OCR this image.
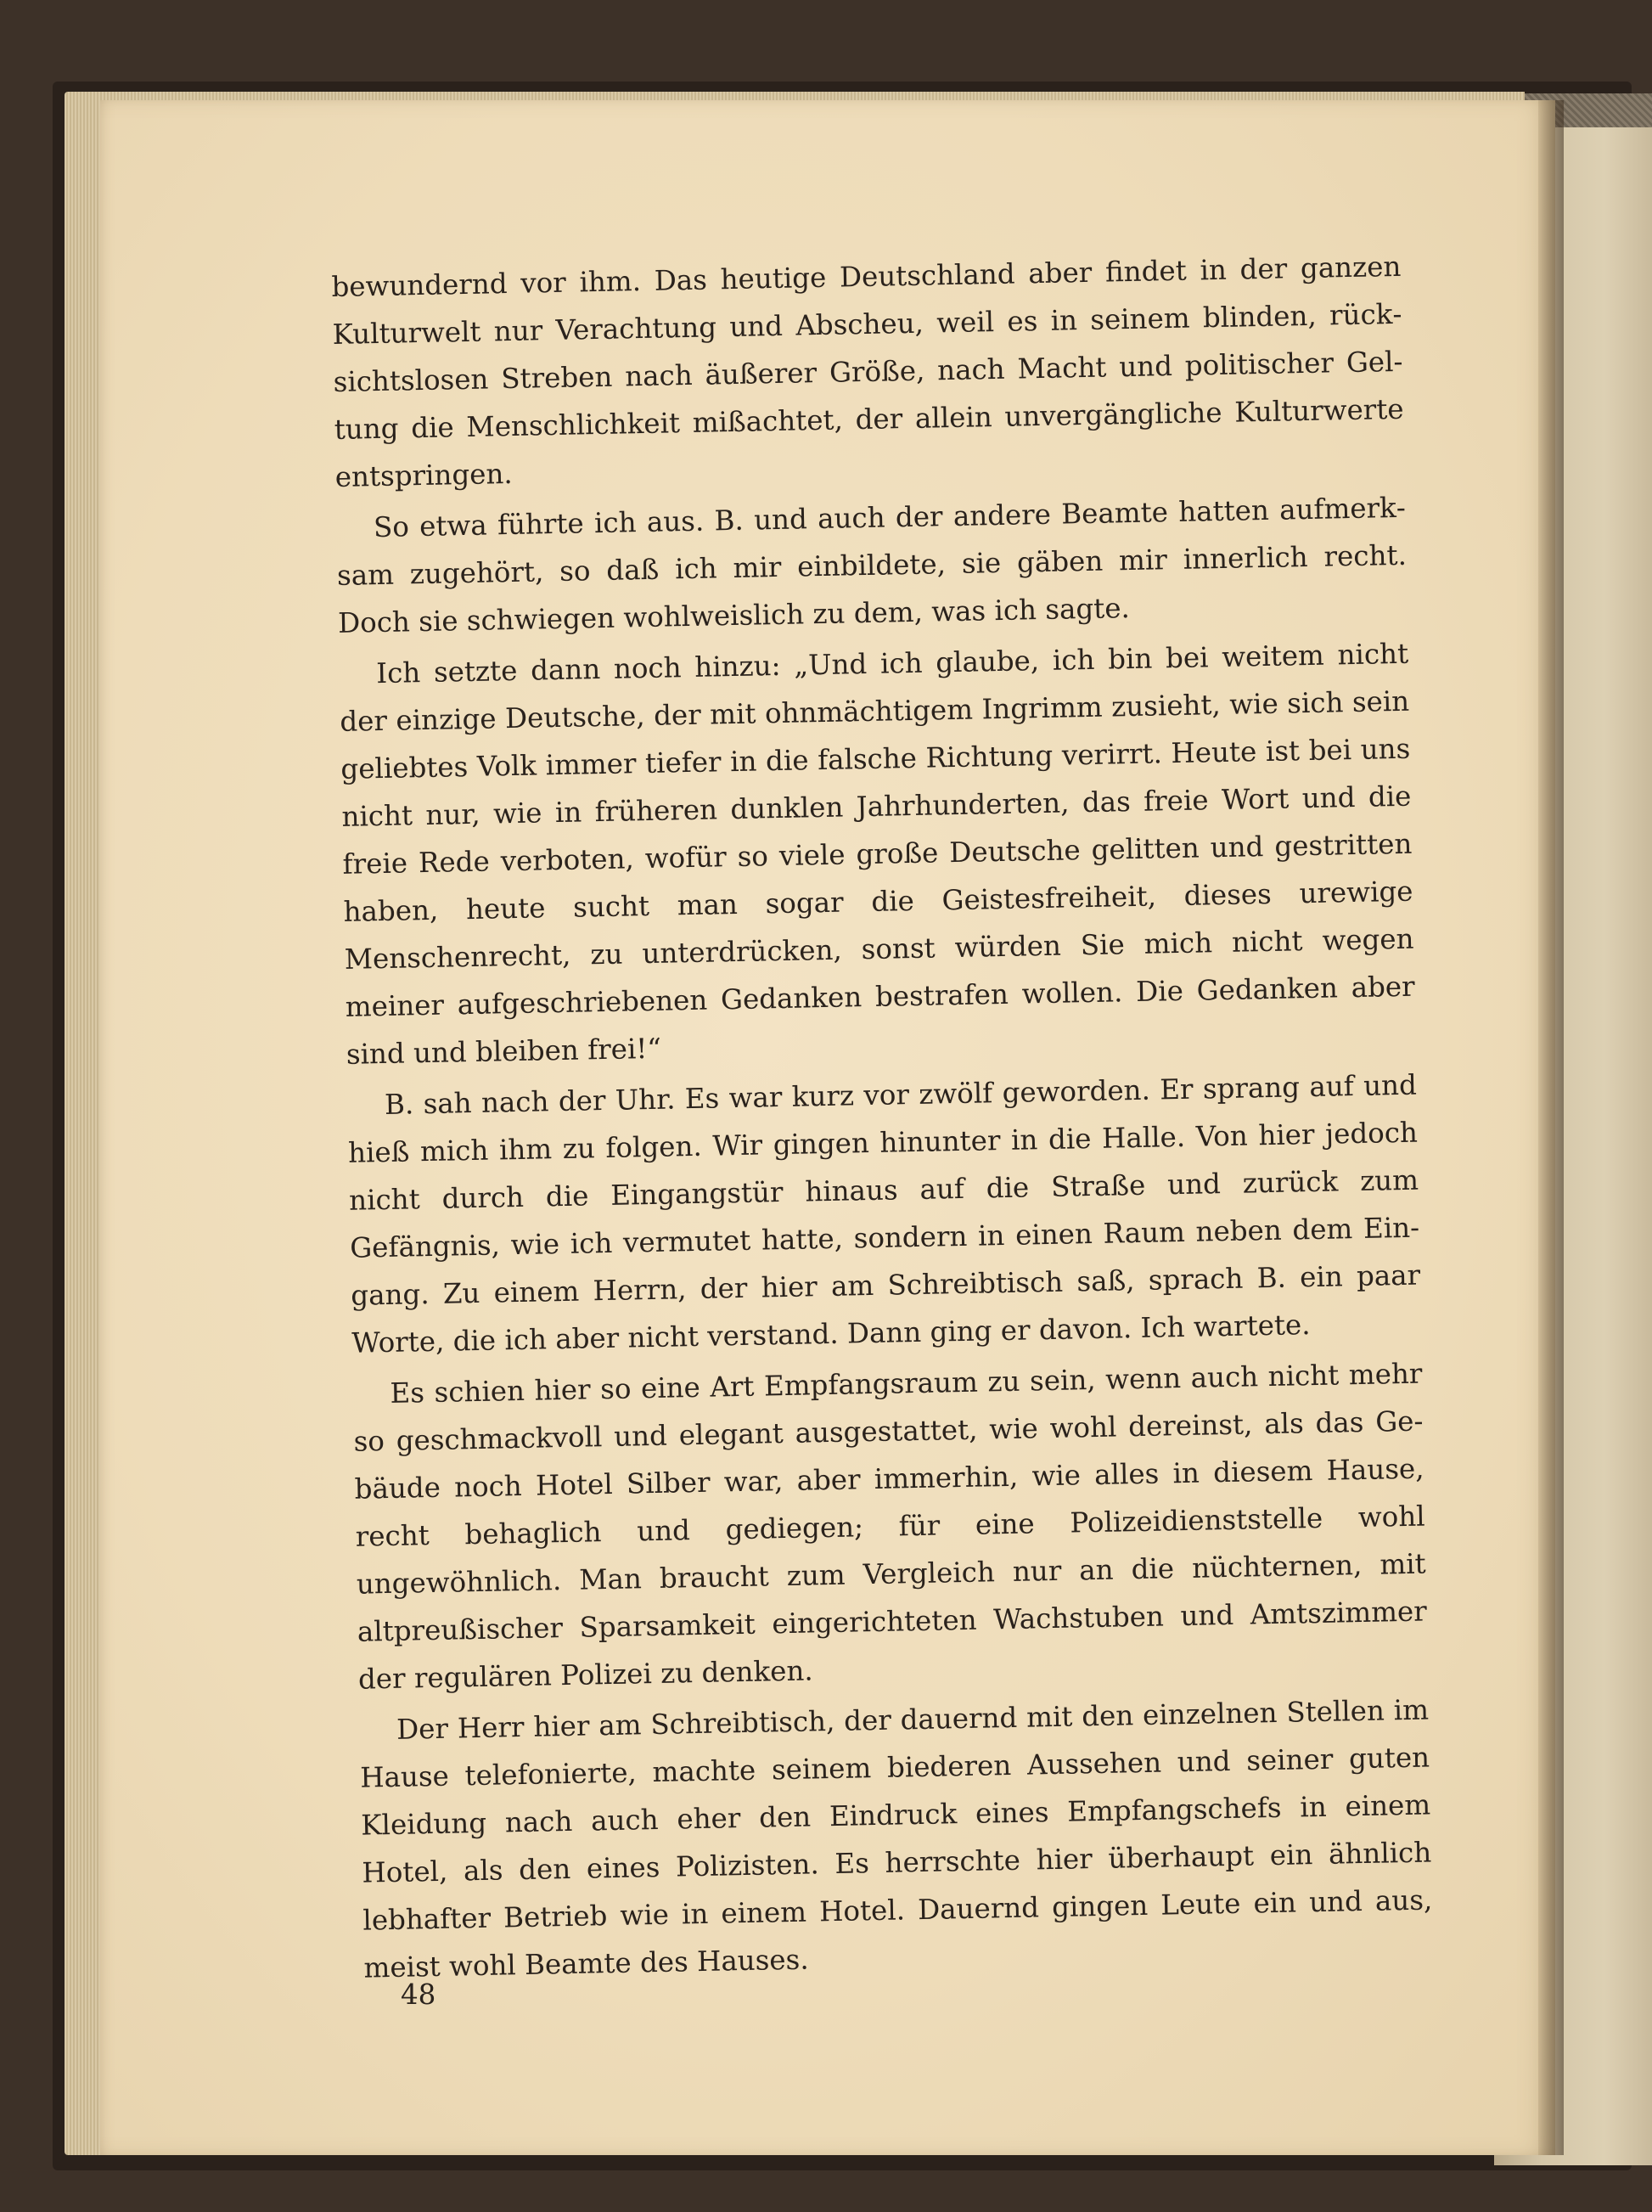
bewundernd vor ihm. Das heutige Deutschland aber findet in der ganzen Kulturwelt nur Verachtung und Abscheu, weil es in seinem blinden, rücksichtslosen Streben nach äußerer Größe, nach Macht und politischer Geltung die Menschlichkeit mißachtet, der allein unvergängliche Kulturwerte entspringen.

So etwa führte ich aus. B. und auch der andere Beamte hatten aufmerksam zugehört, so daß ich mir einbildete, sie gäben mir innerlich recht. Doch sie schwiegen wohlweislich zu dem, was ich sagte.

Ich setzte dann noch hinzu: „Und ich glaube, ich bin bei weitem nicht der einzige Deutsche, der mit ohnmächtigem Ingrimm zusieht, wie sich sein geliebtes Volk immer tiefer in die falsche Richtung verirrt. Heute ist bei uns nicht nur, wie in früheren dunklen Jahrhunderten, das freie Wort und die freie Rede verboten, wofür so viele große Deutsche gelitten und gestritten haben, heute sucht man sogar die Geistesfreiheit, dieses urewige Menschenrecht, zu unterdrücken, sonst würden Sie mich nicht wegen meiner aufgeschriebenen Gedanken bestrafen wollen. Die Gedanken aber sind und bleiben frei!“

B. sah nach der Uhr. Es war kurz vor zwölf geworden. Er sprang auf und hieß mich ihm zu folgen. Wir gingen hinunter in die Halle. Von hier jedoch nicht durch die Eingangstür hinaus auf die Straße und zurück zum Gefängnis, wie ich vermutet hatte, sondern in einen Raum neben dem Eingang. Zu einem Herrn, der hier am Schreibtisch saß, sprach B. ein paar Worte, die ich aber nicht verstand. Dann ging er davon. Ich wartete.

Es schien hier so eine Art Empfangsraum zu sein, wenn auch nicht mehr so geschmackvoll und elegant ausgestattet, wie wohl dereinst, als das Gebäude noch Hotel Silber war, aber immerhin, wie alles in diesem Hause, recht behaglich und gediegen; für eine Polizeidienststelle wohl ungewöhnlich. Man braucht zum Vergleich nur an die nüchternen, mit altpreußischer Sparsamkeit eingerichteten Wachstuben und Amtszimmer der regulären Polizei zu denken.

Der Herr hier am Schreibtisch, der dauernd mit den einzelnen Stellen im Hause telefonierte, machte seinem biederen Aussehen und seiner guten Kleidung nach auch eher den Eindruck eines Empfangschefs in einem Hotel, als den eines Polizisten. Es herrschte hier überhaupt ein ähnlich lebhafter Betrieb wie in einem Hotel. Dauernd gingen Leute ein und aus, meist wohl Beamte des Hauses.

48
